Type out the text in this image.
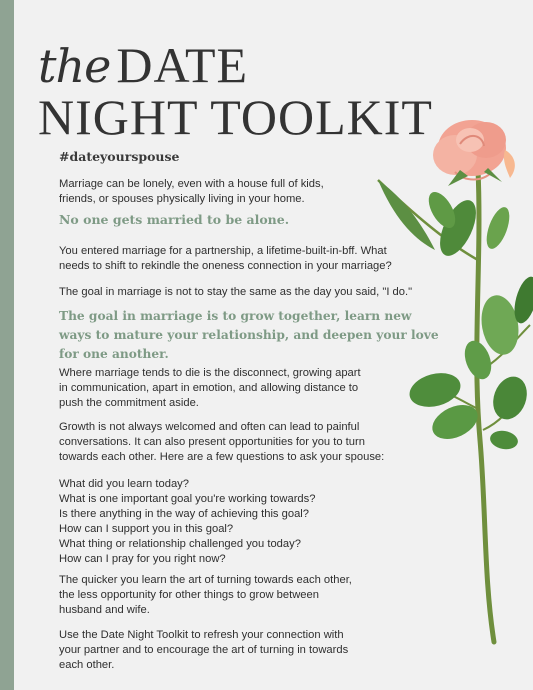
the DATE
NIGHT TOOLKIT
#dateyourspouse
Marriage can be lonely, even with a house full of kids,
friends, or spouses physically living in your home.
No one gets married to be alone.
You entered marriage for a partnership, a lifetime-built-in-bff. What
needs to shift to rekindle the oneness connection in your marriage?
The goal in marriage is not to stay the same as the day you said, "I do."
The goal in marriage is to grow together, learn new
ways to mature your relationship, and deepen your love
for one another.
Where marriage tends to die is the disconnect, growing apart
in communication, apart in emotion, and allowing distance to
push the commitment aside.
Growth is not always welcomed and often can lead to painful
conversations. It can also present opportunities for you to turn
towards each other. Here are a few questions to ask your spouse:
What did you learn today?
What is one important goal you're working towards?
Is there anything in the way of achieving this goal?
How can I support you in this goal?
What thing or relationship challenged you today?
How can I pray for you right now?
The quicker you learn the art of turning towards each other,
the less opportunity for other things to grow between
husband and wife.
Use the Date Night Toolkit to refresh your connection with
your partner and to encourage the art of turning in towards
each other.
